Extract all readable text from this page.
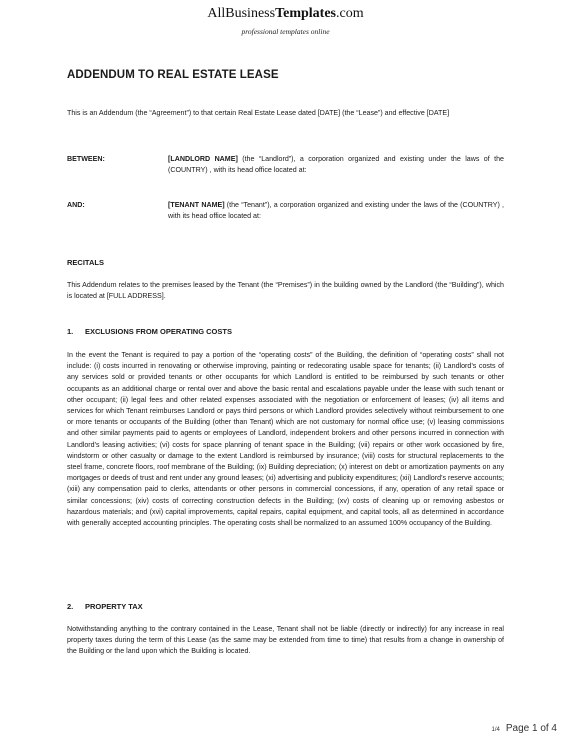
AllBusinessTemplates.com
professional templates online
ADDENDUM TO REAL ESTATE LEASE
This is an Addendum (the “Agreement”) to that certain Real Estate Lease dated [DATE] (the “Lease”) and effective [DATE]
BETWEEN:	[LANDLORD NAME] (the “Landlord”), a corporation organized and existing under the laws of the (COUNTRY) , with its head office located at:
AND:	[TENANT NAME] (the “Tenant”), a corporation organized and existing under the laws of the (COUNTRY) , with its head office located at:
RECITALS
This Addendum relates to the premises leased by the Tenant (the “Premises”) in the building owned by the Landlord (the “Building”), which is located at [FULL ADDRESS].
1. EXCLUSIONS FROM OPERATING COSTS
In the event the Tenant is required to pay a portion of the “operating costs” of the Building, the definition of “operating costs” shall not include: (i) costs incurred in renovating or otherwise improving, painting or redecorating usable space for tenants; (ii) Landlord’s costs of any services sold or provided tenants or other occupants for which Landlord is entitled to be reimbursed by such tenants or other occupants as an additional charge or rental over and above the basic rental and escalations payable under the lease with such tenant or other occupant; (ii) legal fees and other related expenses associated with the negotiation or enforcement of leases; (iv) all items and services for which Tenant reimburses Landlord or pays third persons or which Landlord provides selectively without reimbursement to one or more tenants or occupants of the Building (other than Tenant) which are not customary for normal office use; (v) leasing commissions and other similar payments paid to agents or employees of Landlord, independent brokers and other persons incurred in connection with Landlord’s leasing activities; (vi) costs for space planning of tenant space in the Building; (vii) repairs or other work occasioned by fire, windstorm or other casualty or damage to the extent Landlord is reimbursed by insurance; (viii) costs for structural replacements to the steel frame, concrete floors, roof membrane of the Building; (ix) Building depreciation; (x) interest on debt or amortization payments on any mortgages or deeds of trust and rent under any ground leases; (xi) advertising and publicity expenditures; (xii) Landlord’s reserve accounts; (xiii) any compensation paid to clerks, attendants or other persons in commercial concessions, if any, operation of any retail space or similar concessions; (xiv) costs of correcting construction defects in the Building; (xv) costs of cleaning up or removing asbestos or hazardous materials; and (xvi) capital improvements, capital repairs, capital equipment, and capital tools, all as determined in accordance with generally accepted accounting principles. The operating costs shall be normalized to an assumed 100% occupancy of the Building.
2. PROPERTY TAX
Notwithstanding anything to the contrary contained in the Lease, Tenant shall not be liable (directly or indirectly) for any increase in real property taxes during the term of this Lease (as the same may be extended from time to time) that results from a change in ownership of the Building or the land upon which the Building is located.
1/4 Page 1 of 4
